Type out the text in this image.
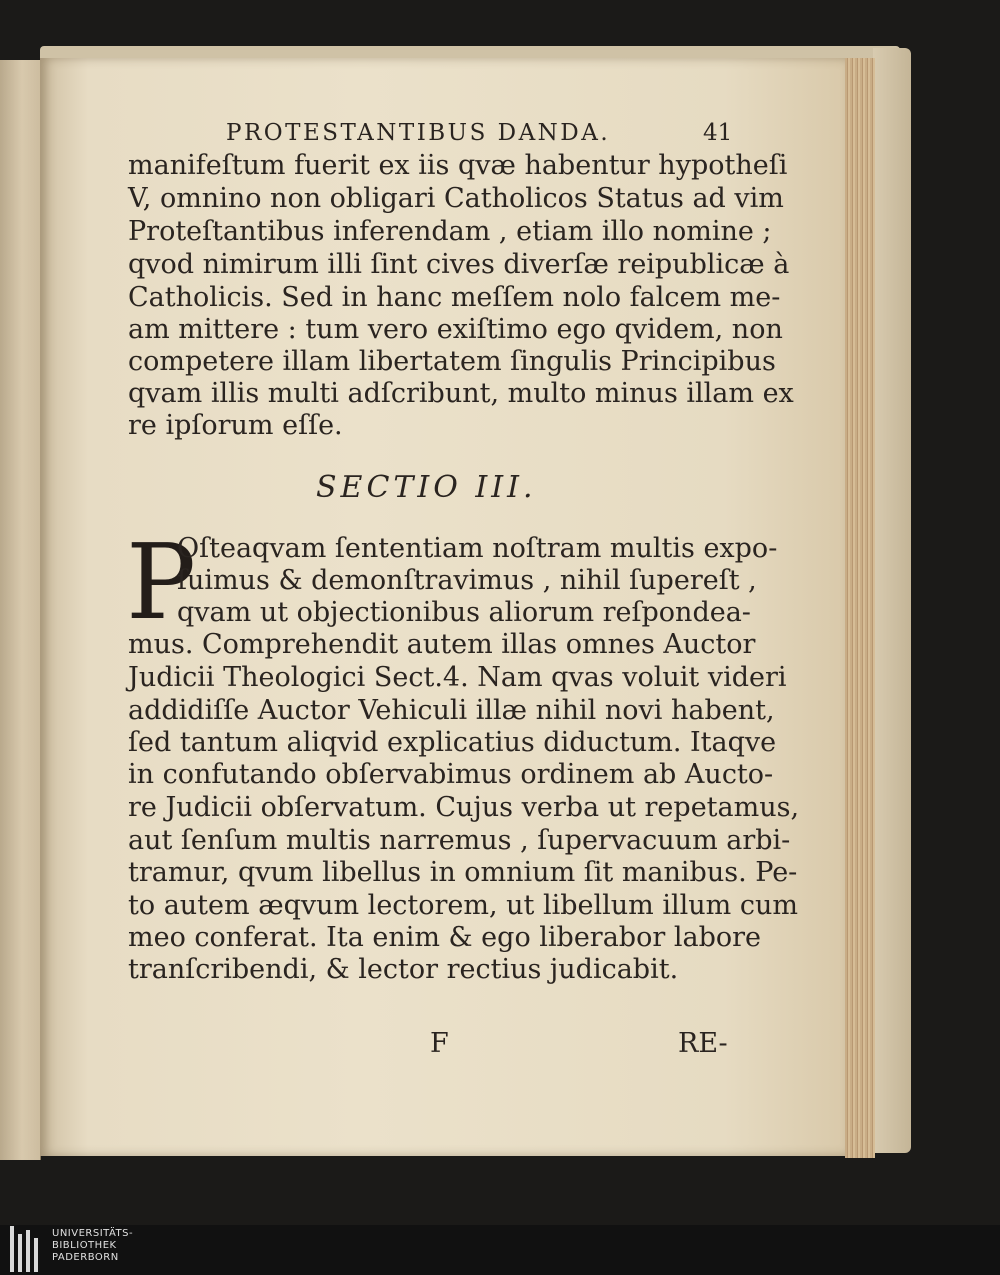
PROTESTANTIBUS DANDA.	41
manifeſtum fuerit ex iis qvæ habentur hypotheſi
V, omnino non obligari Catholicos Status ad vim
Proteſtantibus inferendam , etiam illo nomine ;
qvod nimirum illi ſint cives diverſæ reipublicæ à
Catholicis. Sed in hanc meſſem nolo falcem me-
am mittere : tum vero exiſtimo ego qvidem, non
competere illam libertatem ſingulis Principibus
qvam illis multi adſcribunt, multo minus illam ex
re ipſorum eſſe.
SECTIO III.
P
Oſteaqvam ſententiam noſtram multis expo-
ſuimus & demonſtravimus , nihil ſupereſt ,
qvam ut objectionibus aliorum reſpondea-
mus. Comprehendit autem illas omnes Auctor
Judicii Theologici Sect.4. Nam qvas voluit videri
addidiſſe Auctor Vehiculi illæ nihil novi habent,
ſed tantum aliqvid explicatius diductum. Itaqve
in confutando obſervabimus ordinem ab Aucto-
re Judicii obſervatum. Cujus verba ut repetamus,
aut ſenſum multis narremus , ſupervacuum arbi-
tramur, qvum libellus in omnium ſit manibus. Pe-
to autem æqvum lectorem, ut libellum illum cum
meo conferat. Ita enim & ego liberabor labore
tranſcribendi, & lector rectius judicabit.
F	RE-
UNIVERSITÄTS-
BIBLIOTHEK
PADERBORN
